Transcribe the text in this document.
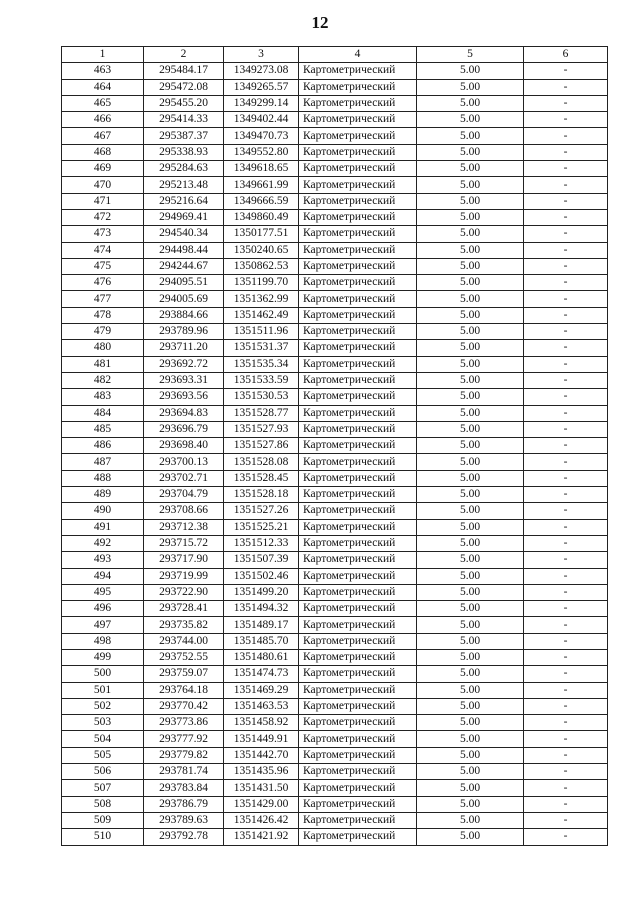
12
1	2	3	4	5	6
463	295484.17	1349273.08	Картометрический	5.00	-
464	295472.08	1349265.57	Картометрический	5.00	-
465	295455.20	1349299.14	Картометрический	5.00	-
466	295414.33	1349402.44	Картометрический	5.00	-
467	295387.37	1349470.73	Картометрический	5.00	-
468	295338.93	1349552.80	Картометрический	5.00	-
469	295284.63	1349618.65	Картометрический	5.00	-
470	295213.48	1349661.99	Картометрический	5.00	-
471	295216.64	1349666.59	Картометрический	5.00	-
472	294969.41	1349860.49	Картометрический	5.00	-
473	294540.34	1350177.51	Картометрический	5.00	-
474	294498.44	1350240.65	Картометрический	5.00	-
475	294244.67	1350862.53	Картометрический	5.00	-
476	294095.51	1351199.70	Картометрический	5.00	-
477	294005.69	1351362.99	Картометрический	5.00	-
478	293884.66	1351462.49	Картометрический	5.00	-
479	293789.96	1351511.96	Картометрический	5.00	-
480	293711.20	1351531.37	Картометрический	5.00	-
481	293692.72	1351535.34	Картометрический	5.00	-
482	293693.31	1351533.59	Картометрический	5.00	-
483	293693.56	1351530.53	Картометрический	5.00	-
484	293694.83	1351528.77	Картометрический	5.00	-
485	293696.79	1351527.93	Картометрический	5.00	-
486	293698.40	1351527.86	Картометрический	5.00	-
487	293700.13	1351528.08	Картометрический	5.00	-
488	293702.71	1351528.45	Картометрический	5.00	-
489	293704.79	1351528.18	Картометрический	5.00	-
490	293708.66	1351527.26	Картометрический	5.00	-
491	293712.38	1351525.21	Картометрический	5.00	-
492	293715.72	1351512.33	Картометрический	5.00	-
493	293717.90	1351507.39	Картометрический	5.00	-
494	293719.99	1351502.46	Картометрический	5.00	-
495	293722.90	1351499.20	Картометрический	5.00	-
496	293728.41	1351494.32	Картометрический	5.00	-
497	293735.82	1351489.17	Картометрический	5.00	-
498	293744.00	1351485.70	Картометрический	5.00	-
499	293752.55	1351480.61	Картометрический	5.00	-
500	293759.07	1351474.73	Картометрический	5.00	-
501	293764.18	1351469.29	Картометрический	5.00	-
502	293770.42	1351463.53	Картометрический	5.00	-
503	293773.86	1351458.92	Картометрический	5.00	-
504	293777.92	1351449.91	Картометрический	5.00	-
505	293779.82	1351442.70	Картометрический	5.00	-
506	293781.74	1351435.96	Картометрический	5.00	-
507	293783.84	1351431.50	Картометрический	5.00	-
508	293786.79	1351429.00	Картометрический	5.00	-
509	293789.63	1351426.42	Картометрический	5.00	-
510	293792.78	1351421.92	Картометрический	5.00	-
